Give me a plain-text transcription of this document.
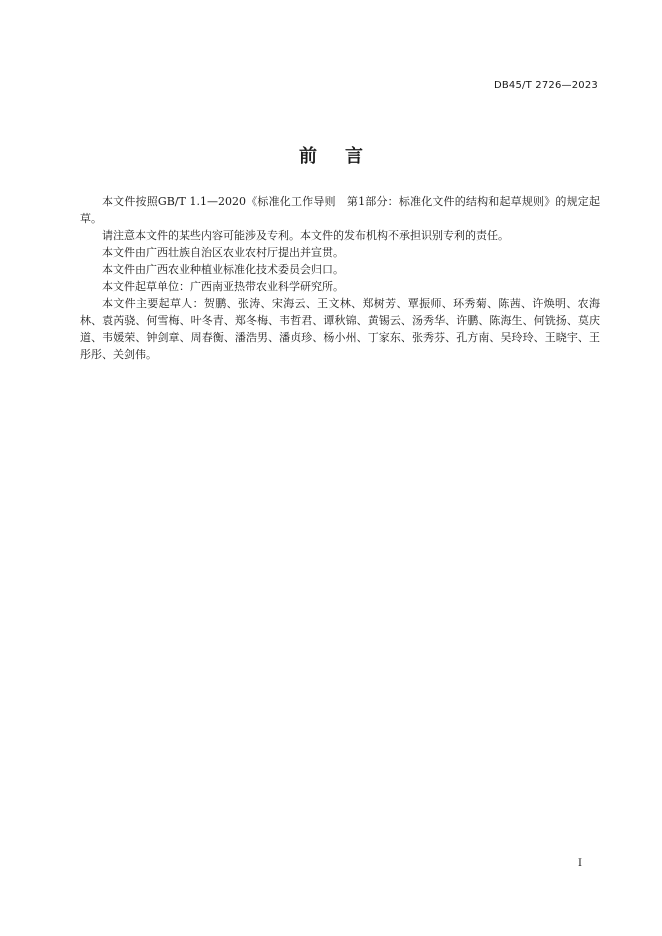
DB45/T 2726—2023
前言

本文件按照GB/T 1.1—2020《标准化工作导则　第1部分：标准化文件的结构和起草规则》的规定起草。

请注意本文件的某些内容可能涉及专利。本文件的发布机构不承担识别专利的责任。

本文件由广西壮族自治区农业农村厅提出并宣贯。

本文件由广西农业种植业标准化技术委员会归口。

本文件起草单位：广西南亚热带农业科学研究所。

本文件主要起草人：贺鹏、张涛、宋海云、王文林、郑树芳、覃振师、环秀菊、陈茜、许焕明、农海林、袁芮骁、何雪梅、叶冬青、郑冬梅、韦哲君、谭秋锦、黄锡云、汤秀华、许鹏、陈海生、何铣扬、莫庆道、韦媛荣、钟剑章、周春衡、潘浩男、潘贞珍、杨小州、丁家东、张秀芬、孔方南、吴玲玲、王晓宇、王彤彤、关剑伟。

I
